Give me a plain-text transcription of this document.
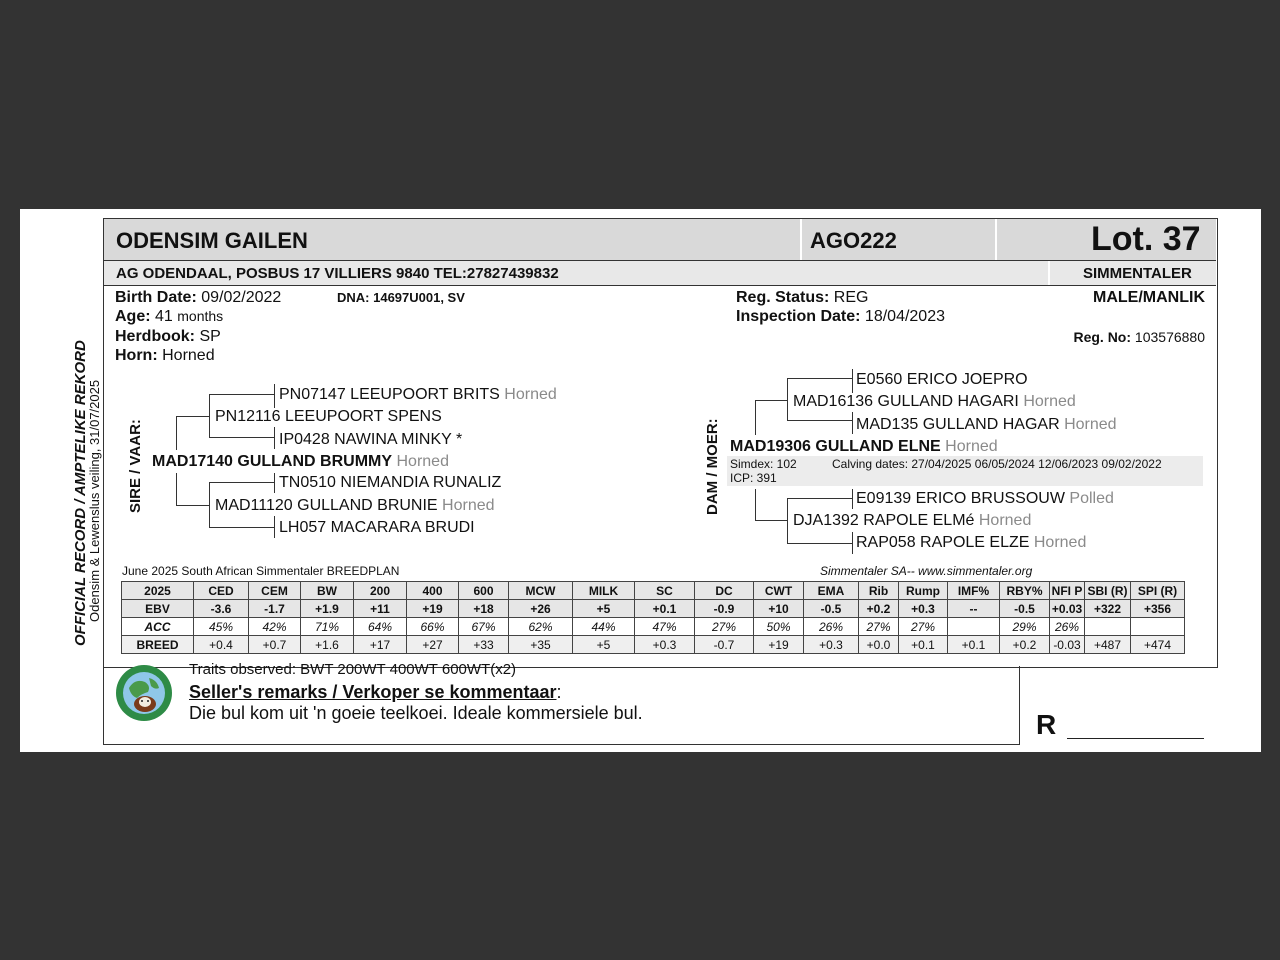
ODENSIM GAILEN	AGO222	Lot. 37
AG ODENDAAL, POSBUS 17 VILLIERS 9840 TEL:27827439832	SIMMENTALER
Birth Date: 09/02/2022	DNA: 14697U001, SV
Age: 41 months
Herdbook: SP
Horn: Horned
Reg. Status: REG
Inspection Date: 18/04/2023
MALE/MANLIK
Reg. No: 103576880
OFFICIAL RECORD / AMPTELIKE REKORD
Odensim & Lewenslus veiling, 31/07/2025 SIRE / VAAR:
PN07147 LEEUPOORT BRITS Horned
PN12116 LEEUPOORT SPENS
IP0428 NAWINA MINKY *
MAD17140 GULLAND BRUMMY Horned
TN0510 NIEMANDIA RUNALIZ
MAD11120 GULLAND BRUNIE Horned
LH057 MACARARA BRUDI
DAM / MOER:
E0560 ERICO JOEPRO
MAD16136 GULLAND HAGARI Horned
MAD135 GULLAND HAGAR Horned
MAD19306 GULLAND ELNE Horned
Simdex: 102	Calving dates: 27/04/2025 06/05/2024 12/06/2023 09/02/2022
ICP: 391
E09139 ERICO BRUSSOUW Polled
DJA1392 RAPOLE ELMé Horned
RAP058 RAPOLE ELZE Horned
June 2025 South African Simmentaler BREEDPLAN	Simmentaler SA-- www.simmentaler.org
Traits observed: BWT 200WT 400WT 600WT(x2)
Seller's remarks / Verkoper se kommentaar:
Die bul kom uit 'n goeie teelkoei. Ideale kommersiele bul.	R
2025	CED	CEM	BW	200	400	600	MCW	MILK	SC	DC	CWT	EMA	Rib	Rump	IMF%	RBY%	NFI P	SBI (R)	SPI (R)
EBV	-3.6	-1.7	+1.9	+11	+19	+18	+26	+5	+0.1	-0.9	+10	-0.5	+0.2	+0.3	--	-0.5	+0.03	+322	+356
ACC	45%	42%	71%	64%	66%	67%	62%	44%	47%	27%	50%	26%	27%	27%		29%	26%		
BREED	+0.4	+0.7	+1.6	+17	+27	+33	+35	+5	+0.3	-0.7	+19	+0.3	+0.0	+0.1	+0.1	+0.2	-0.03	+487	+474
